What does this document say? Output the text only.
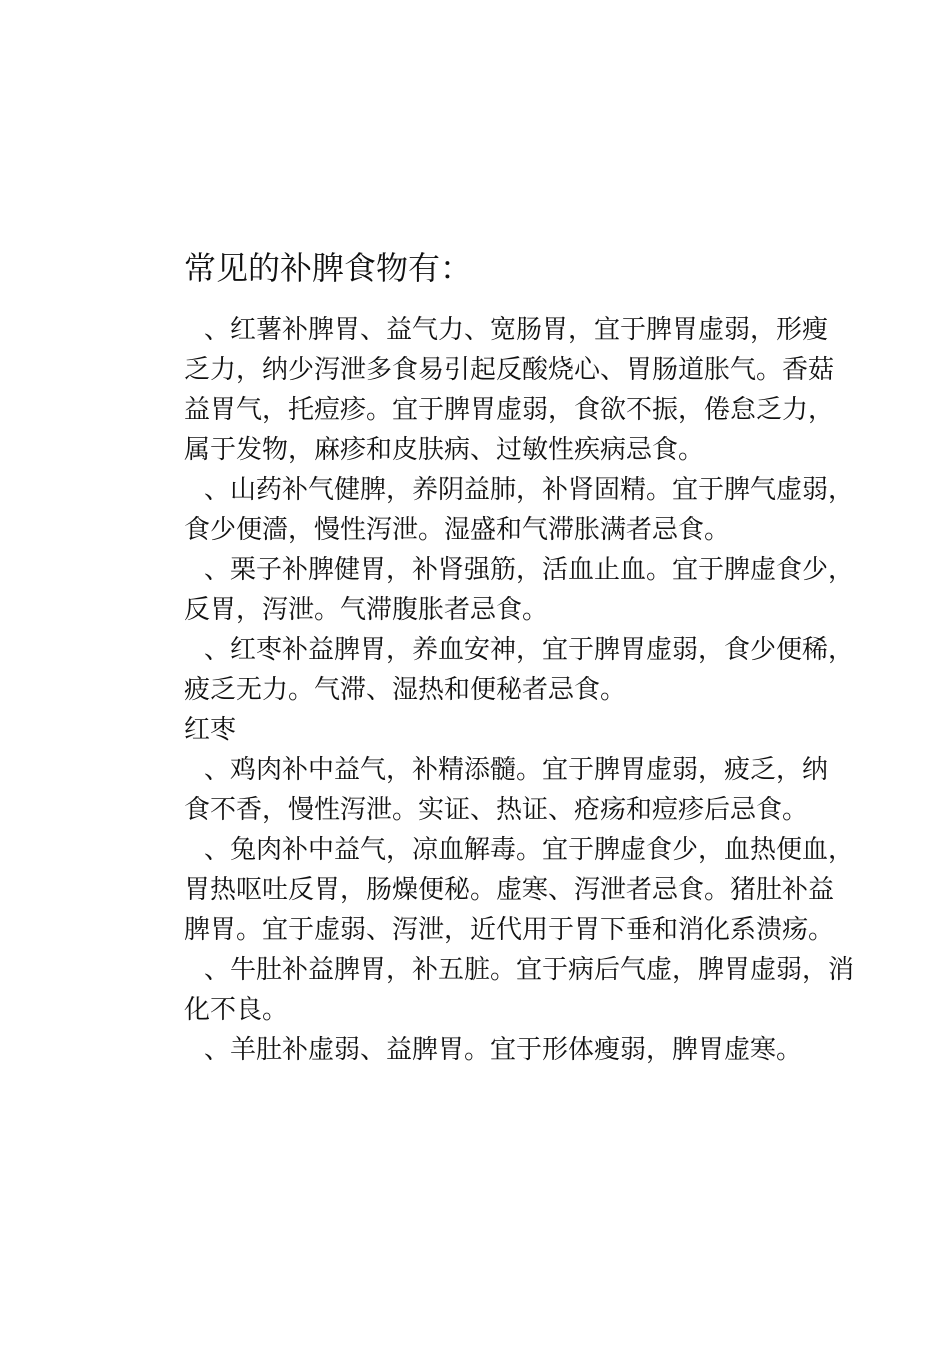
常见的补脾食物有：
、红薯补脾胃、益气力、宽肠胃，宜于脾胃虚弱，形瘦
乏力，纳少泻泄多食易引起反酸烧心、胃肠道胀气。香菇
益胃气，托痘疹。宜于脾胃虚弱，食欲不振，倦怠乏力，
属于发物，麻疹和皮肤病、过敏性疾病忌食。
、山药补气健脾，养阴益肺，补肾固精。宜于脾气虚弱，
食少便濇，慢性泻泄。湿盛和气滞胀满者忌食。
、栗子补脾健胃，补肾强筋，活血止血。宜于脾虚食少，
反胃，泻泄。气滞腹胀者忌食。
、红枣补益脾胃，养血安神，宜于脾胃虚弱，食少便稀，
疲乏无力。气滞、湿热和便秘者忌食。
红枣
、鸡肉补中益气，补精添髓。宜于脾胃虚弱，疲乏，纳
食不香，慢性泻泄。实证、热证、疮疡和痘疹后忌食。
、兔肉补中益气，凉血解毒。宜于脾虚食少，血热便血，
胃热呕吐反胃，肠燥便秘。虚寒、泻泄者忌食。猪肚补益
脾胃。宜于虚弱、泻泄，近代用于胃下垂和消化系溃疡。
、牛肚补益脾胃，补五脏。宜于病后气虚，脾胃虚弱，消
化不良。
、羊肚补虚弱、益脾胃。宜于形体瘦弱，脾胃虚寒。
